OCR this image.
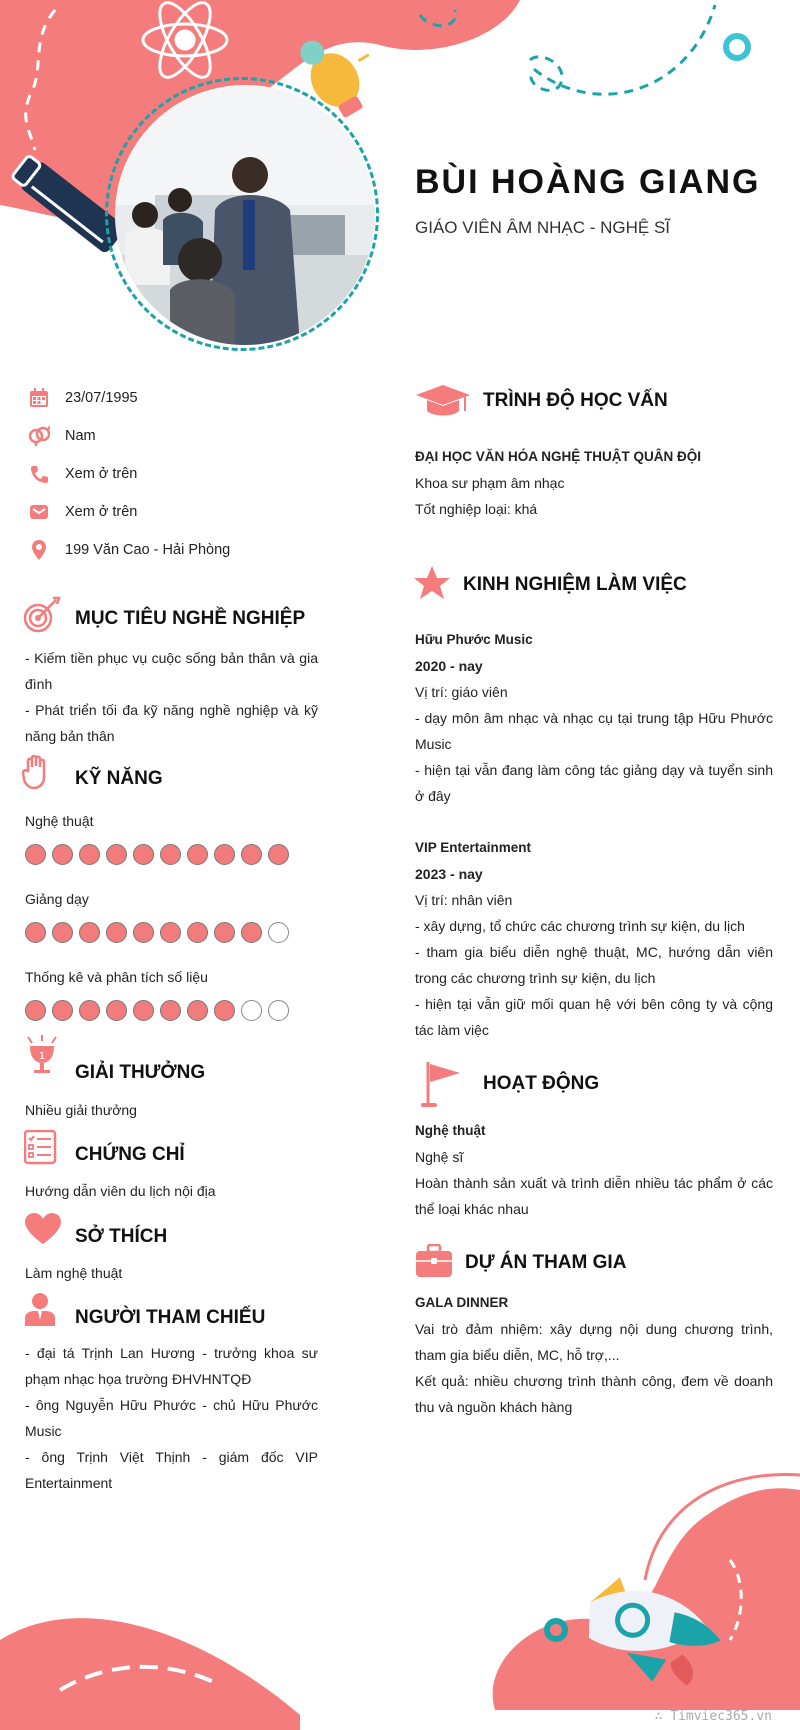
BÙI HOÀNG GIANG
GIÁO VIÊN ÂM NHẠC - NGHỆ SĨ
23/07/1995
Nam
Xem ở trên
Xem ở trên
199 Văn Cao - Hải Phòng
MỤC TIÊU NGHỀ NGHIỆP
- Kiếm tiền phục vụ cuộc sống bản thân và gia đình
- Phát triển tối đa kỹ năng nghề nghiệp và kỹ năng bản thân
KỸ NĂNG
Nghệ thuật
Giảng dạy
Thống kê và phân tích số liệu
1
GIẢI THƯỞNG
Nhiều giải thưởng
CHỨNG CHỈ
Hướng dẫn viên du lịch nội địa
SỞ THÍCH
Làm nghệ thuật
NGƯỜI THAM CHIẾU
- đại tá Trịnh Lan Hương - trưởng khoa sư phạm nhạc họa trường ĐHVHNTQĐ
- ông Nguyễn Hữu Phước - chủ Hữu Phước Music
- ông Trịnh Việt Thịnh - giám đốc VIP Entertainment
TRÌNH ĐỘ HỌC VẤN
ĐẠI HỌC VĂN HÓA NGHỆ THUẬT QUÂN ĐỘI
Khoa sư phạm âm nhạc
Tốt nghiệp loại: khá
KINH NGHIỆM LÀM VIỆC
Hữu Phước Music
2020 - nay
Vị trí: giáo viên
- dạy môn âm nhạc và nhạc cụ tại trung tập Hữu Phước Music
- hiện tại vẫn đang làm công tác giảng dạy và tuyển sinh ở đây
VIP Entertainment
2023 - nay
Vị trí: nhân viên
- xây dựng, tổ chức các chương trình sự kiện, du lịch
- tham gia biểu diễn nghệ thuật, MC, hướng dẫn viên trong các chương trình sự kiện, du lịch
- hiện tại vẫn giữ mối quan hệ với bên công ty và cộng tác làm việc
HOẠT ĐỘNG
Nghệ thuật
Nghệ sĩ
Hoàn thành sản xuất và trình diễn nhiều tác phẩm ở các thể loại khác nhau
DỰ ÁN THAM GIA
GALA DINNER
Vai trò đảm nhiệm: xây dựng nội dung chương trình, tham gia biểu diễn, MC, hỗ trợ,...
Kết quả: nhiều chương trình thành công, đem về doanh thu và nguồn khách hàng
∴ Timviec365.vn
